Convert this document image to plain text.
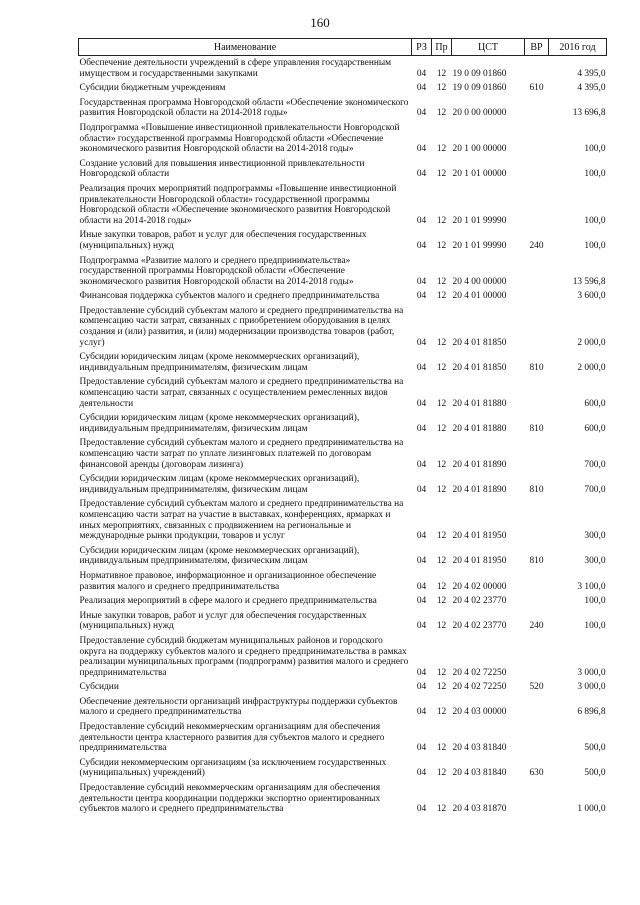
160
Наименование	РЗ	Пр	ЦСТ	ВР	2016 год
Обеспечение деятельности учреждений в сфере управления государственным имуществом и государственными закупками	04	12	19 0 09 01860		4 395,0
Субсидии бюджетным учреждениям	04	12	19 0 09 01860	610	4 395,0
Государственная программа Новгородской области «Обеспечение экономического развития Новгородской области на 2014-2018 годы»	04	12	20 0 00 00000		13 696,8
Подпрограмма «Повышение инвестиционной привлекательности Новгородской области» государственной программы Новгородской области «Обеспечение экономического развития Новгородской области на 2014-2018 годы»	04	12	20 1 00 00000		100,0
Создание условий для повышения инвестиционной привлекательности Новгородской области	04	12	20 1 01 00000		100,0
Реализация прочих мероприятий подпрограммы «Повышение инвестиционной привлекательности Новгородской области» государственной программы Новгородской области «Обеспечение экономического развития Новгородской области на 2014-2018 годы»	04	12	20 1 01 99990		100,0
Иные закупки товаров, работ и услуг для обеспечения государственных (муниципальных) нужд	04	12	20 1 01 99990	240	100,0
Подпрограмма «Развитие малого и среднего предпринимательства» государственной программы Новгородской области «Обеспечение экономического развития Новгородской области на 2014-2018 годы»	04	12	20 4 00 00000		13 596,8
Финансовая поддержка субъектов малого и среднего предпринимательства	04	12	20 4 01 00000		3 600,0
Предоставление субсидий субъектам малого и среднего предпринимательства на компенсацию части затрат, связанных с приобретением оборудования в целях создания и (или) развития, и (или) модернизации производства товаров (работ, услуг)	04	12	20 4 01 81850		2 000,0
Субсидии юридическим лицам (кроме некоммерческих организаций), индивидуальным предпринимателям, физическим лицам	04	12	20 4 01 81850	810	2 000,0
Предоставление субсидий субъектам малого и среднего предпринимательства на компенсацию части затрат, связанных с осуществлением ремесленных видов деятельности	04	12	20 4 01 81880		600,0
Субсидии юридическим лицам (кроме некоммерческих организаций), индивидуальным предпринимателям, физическим лицам	04	12	20 4 01 81880	810	600,0
Предоставление субсидий субъектам малого и среднего предпринимательства на компенсацию части затрат по уплате лизинговых платежей по договорам финансовой аренды (договорам лизинга)	04	12	20 4 01 81890		700,0
Субсидии юридическим лицам (кроме некоммерческих организаций), индивидуальным предпринимателям, физическим лицам	04	12	20 4 01 81890	810	700,0
Предоставление субсидий субъектам малого и среднего предпринимательства на компенсацию части затрат на участие в выставках, конференциях, ярмарках и иных мероприятиях, связанных с продвижением на региональные и международные рынки продукции, товаров и услуг	04	12	20 4 01 81950		300,0
Субсидии юридическим лицам (кроме некоммерческих организаций), индивидуальным предпринимателям, физическим лицам	04	12	20 4 01 81950	810	300,0
Нормативное правовое, информационное и организационное обеспечение развития малого и среднего предпринимательства	04	12	20 4 02 00000		3 100,0
Реализация мероприятий в сфере малого и среднего предпринимательства	04	12	20 4 02 23770		100,0
Иные закупки товаров, работ и услуг для обеспечения государственных (муниципальных) нужд	04	12	20 4 02 23770	240	100,0
Предоставление субсидий бюджетам муниципальных районов и городского округа на поддержку субъектов малого и среднего предпринимательства в рамках реализации муниципальных программ (подпрограмм) развития малого и среднего предпринимательства	04	12	20 4 02 72250		3 000,0
Субсидии	04	12	20 4 02 72250	520	3 000,0
Обеспечение деятельности организаций инфраструктуры поддержки субъектов малого и среднего предпринимательства	04	12	20 4 03 00000		6 896,8
Предоставление субсидий некоммерческим организациям для обеспечения деятельности центра кластерного развития для субъектов малого и среднего предпринимательства	04	12	20 4 03 81840		500,0
Субсидии некоммерческим организациям (за исключением государственных (муниципальных) учреждений)	04	12	20 4 03 81840	630	500,0
Предоставление субсидий некоммерческим организациям для обеспечения деятельности центра координации поддержки экспортно ориентированных субъектов малого и среднего предпринимательства	04	12	20 4 03 81870		1 000,0
